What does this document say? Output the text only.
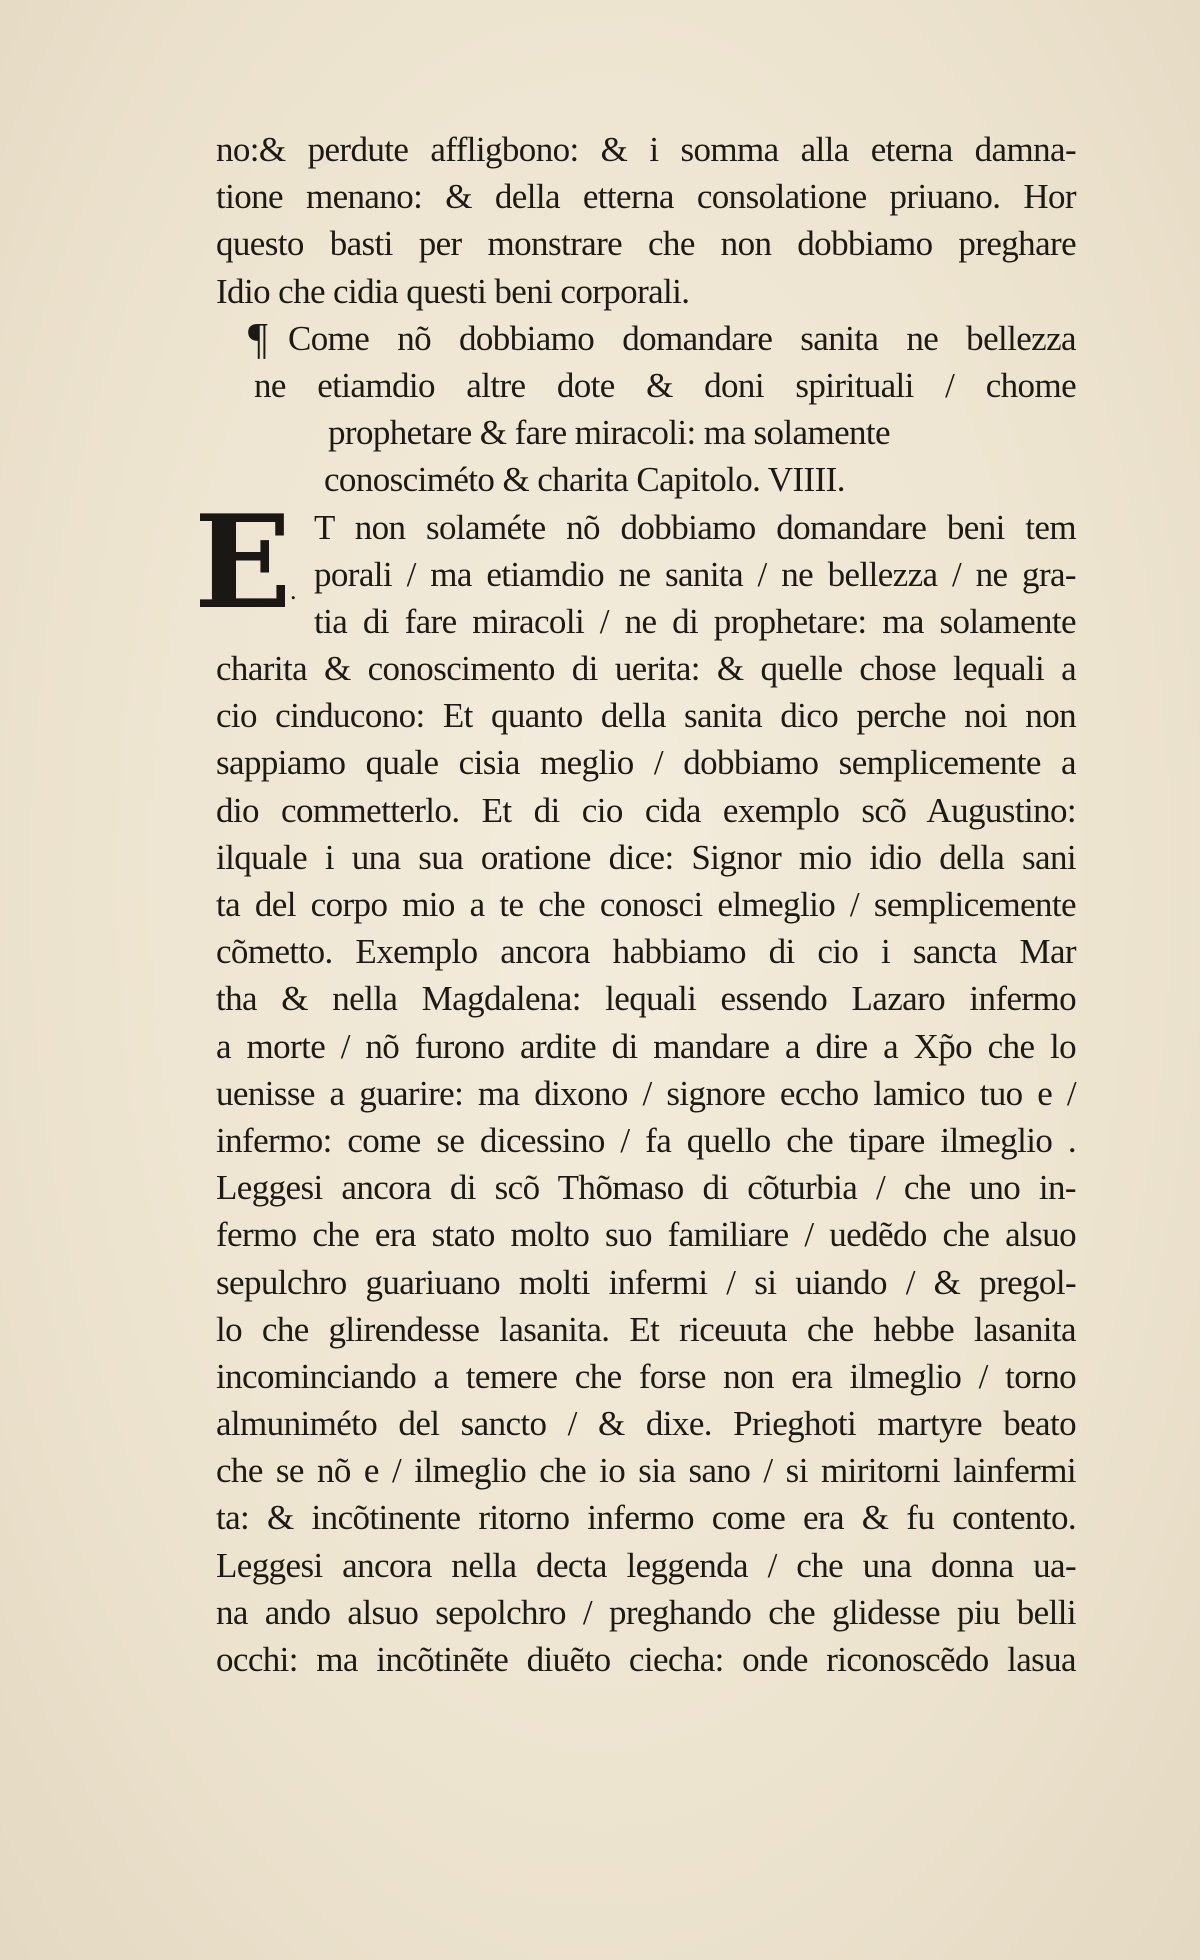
no:& perdute affligbono: & i somma alla eterna damna-
tione menano: & della etterna consolatione priuano. Hor
questo basti per monstrare che non dobbiamo preghare
Idio che cidia questi beni corporali.
¶ Come nõ dobbiamo domandare sanita ne bellezza
ne etiamdio altre dote & doni spirituali / chome
prophetare & fare miracoli: ma solamente
conosciméto & charita Capitolo. VIIII.
T non solaméte nõ dobbiamo domandare beni tem
porali / ma etiamdio ne sanita / ne bellezza / ne gra-
tia di fare miracoli / ne di prophetare: ma solamente
charita & conoscimento di uerita: & quelle chose lequali a
cio cinducono: Et quanto della sanita dico perche noi non
sappiamo quale cisia meglio / dobbiamo semplicemente a
dio commetterlo. Et di cio cida exemplo scõ Augustino:
ilquale i una sua oratione dice: Signor mio idio della sani
ta del corpo mio a te che conosci elmeglio / semplicemente
cõmetto. Exemplo ancora habbiamo di cio i sancta Mar
tha & nella Magdalena: lequali essendo Lazaro infermo
a morte / nõ furono ardite di mandare a dire a Xp̃o che lo
uenisse a guarire: ma dixono / signore eccho lamico tuo e /
infermo: come se dicessino / fa quello che tipare ilmeglio .
Leggesi ancora di scõ Thõmaso di cõturbia / che uno in-
fermo che era stato molto suo familiare / uedẽdo che alsuo
sepulchro guariuano molti infermi / si uiando / & pregol-
lo che glirendesse lasanita. Et riceuuta che hebbe lasanita
incominciando a temere che forse non era ilmeglio / torno
almuniméto del sancto / & dixe. Prieghoti martyre beato
che se nõ e / ilmeglio che io sia sano / si miritorni lainfermi
ta: & incõtinente ritorno infermo come era & fu contento.
Leggesi ancora nella decta leggenda / che una donna ua-
na ando alsuo sepolchro / preghando che glidesse piu belli
occhi: ma incõtinẽte diuẽto ciecha: onde riconoscẽdo lasua
E .
